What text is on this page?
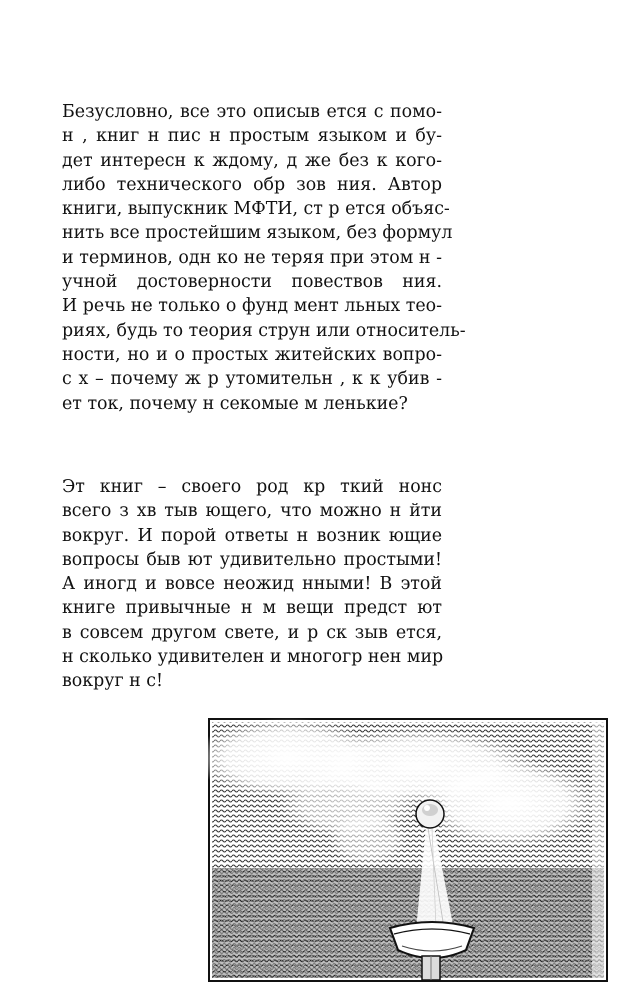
Безусловно, все это описыв ется с помо-
н , книг н пис н простым языком и бу-
дет интересн к ждому, д же без к кого-
либо технического обр зов ния. Автор
книги, выпускник МФТИ, ст р ется объяс-
нить все простейшим языком, без формул
и терминов, одн ко не теряя при этом н -
учной достоверности повествов ния.
И речь не только о фунд мент льных тео-
риях, будь то теория струн или относитель-
ности, но и о простых житейских вопро-
с х – почему ж р утомительн , к к убив -
ет ток, почему н секомые м ленькие?
Эт книг – своего род кр ткий нонс
всего з хв тыв ющего, что можно н йти
вокруг. И порой ответы н возник ющие
вопросы быв ют удивительно простыми!
А иногд и вовсе неожид нными! В этой
книге привычные н м вещи предст ют
в совсем другом свете, и р ск зыв ется,
н сколько удивителен и многогр нен мир
вокруг н с!
